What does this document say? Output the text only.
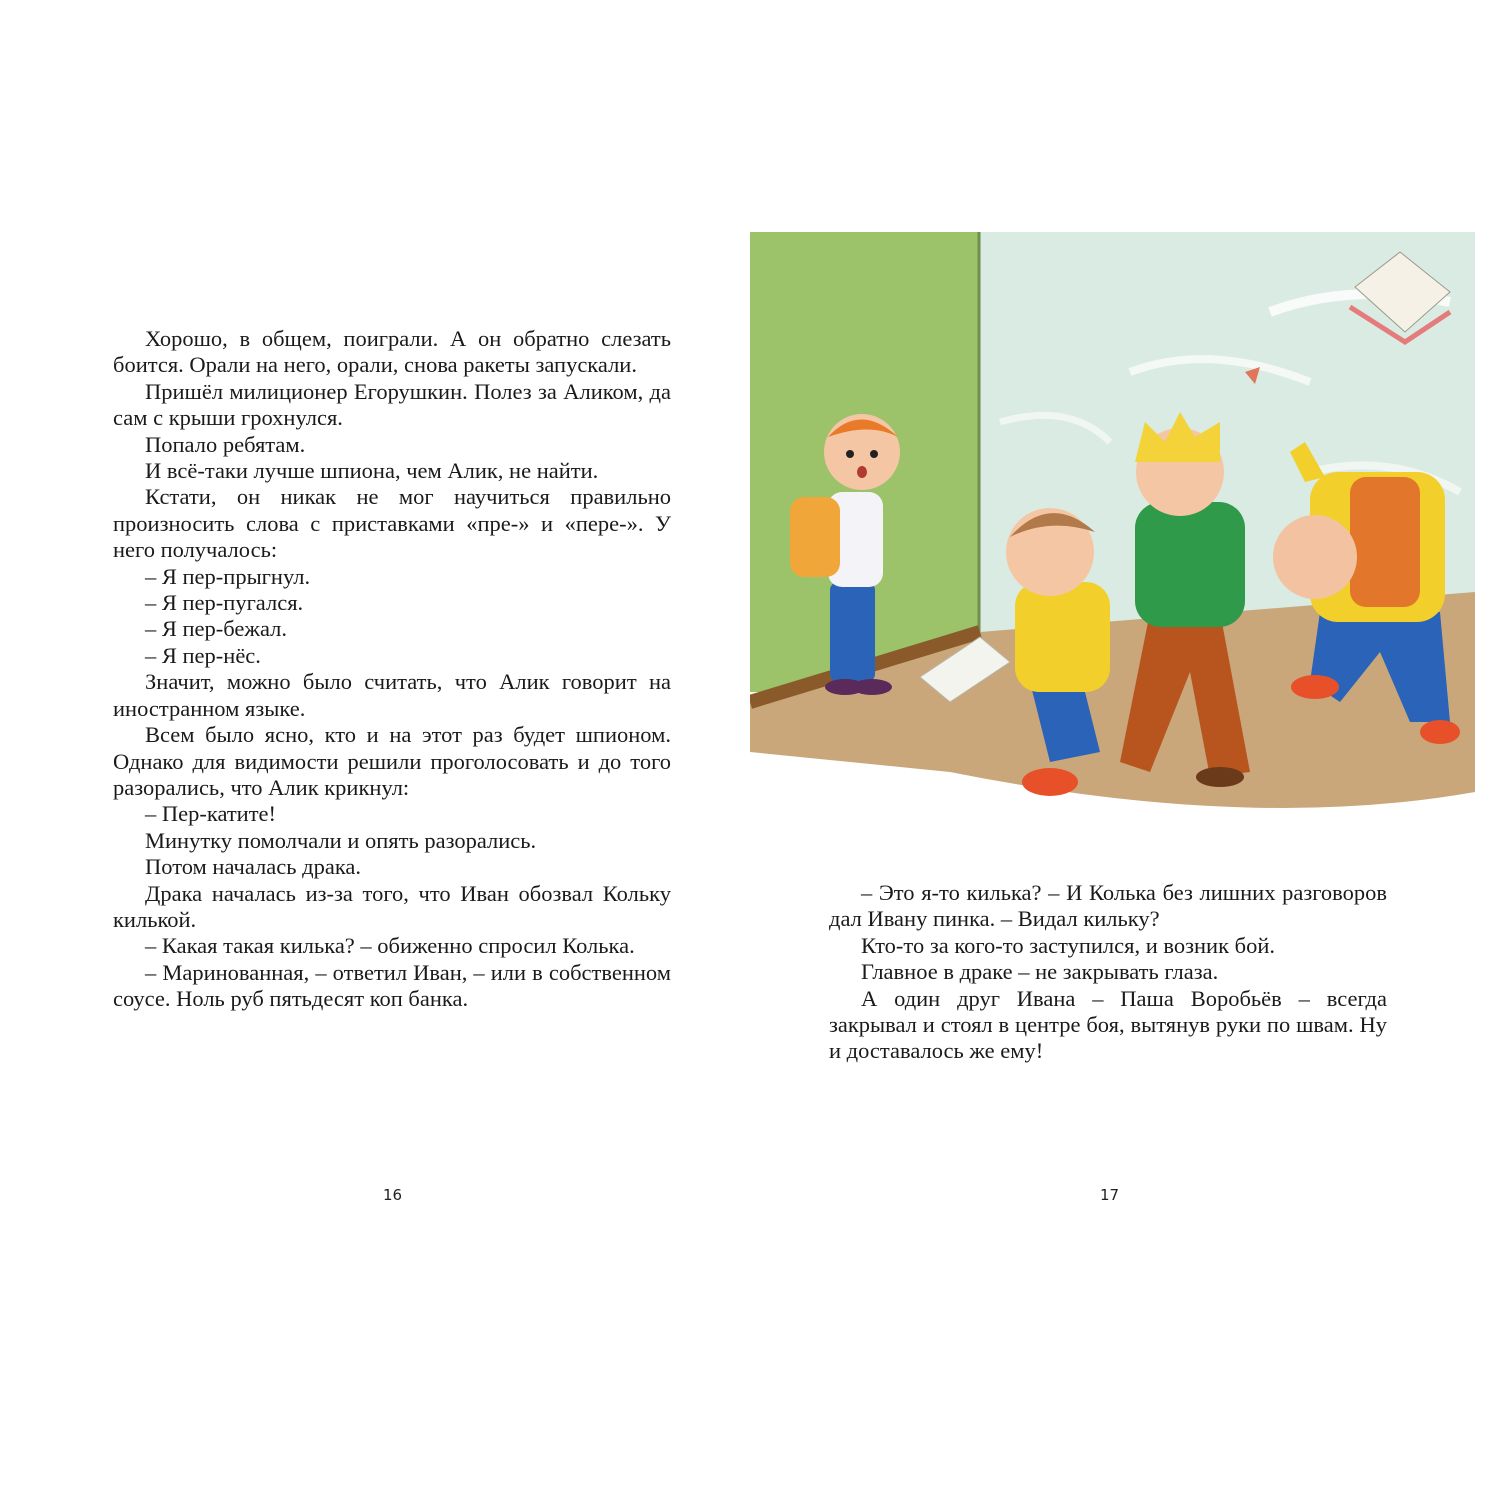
Хорошо, в общем, поиграли. А он обратно слезать боится. Орали на него, орали, снова ракеты запускали.

Пришёл милиционер Егорушкин. Полез за Аликом, да сам с крыши грохнулся.

Попало ребятам.

И всё-таки лучше шпиона, чем Алик, не найти.

Кстати, он никак не мог научиться правильно произносить слова с приставками «пре-» и «пере-». У него получалось:

– Я пер-прыгнул.

– Я пер-пугался.

– Я пер-бежал.

– Я пер-нёс.

Значит, можно было считать, что Алик говорит на иностранном языке.

Всем было ясно, кто и на этот раз будет шпионом. Однако для видимости решили проголосовать и до того разорались, что Алик крикнул:

– Пер-катите!

Минутку помолчали и опять разорались.

Потом началась драка.

Драка началась из-за того, что Иван обозвал Кольку килькой.

– Какая такая килька? – обиженно спросил Колька.

– Маринованная, – ответил Иван, – или в собственном соусе. Ноль руб пятьдесят коп банка.

16	17

– Это я-то килька? – И Колька без лишних разговоров дал Ивану пинка. – Видал кильку?

Кто-то за кого-то заступился, и возник бой.

Главное в драке – не закрывать глаза.

А один друг Ивана – Паша Воробьёв – всегда закрывал и стоял в центре боя, вытянув руки по швам. Ну и доставалось же ему!
